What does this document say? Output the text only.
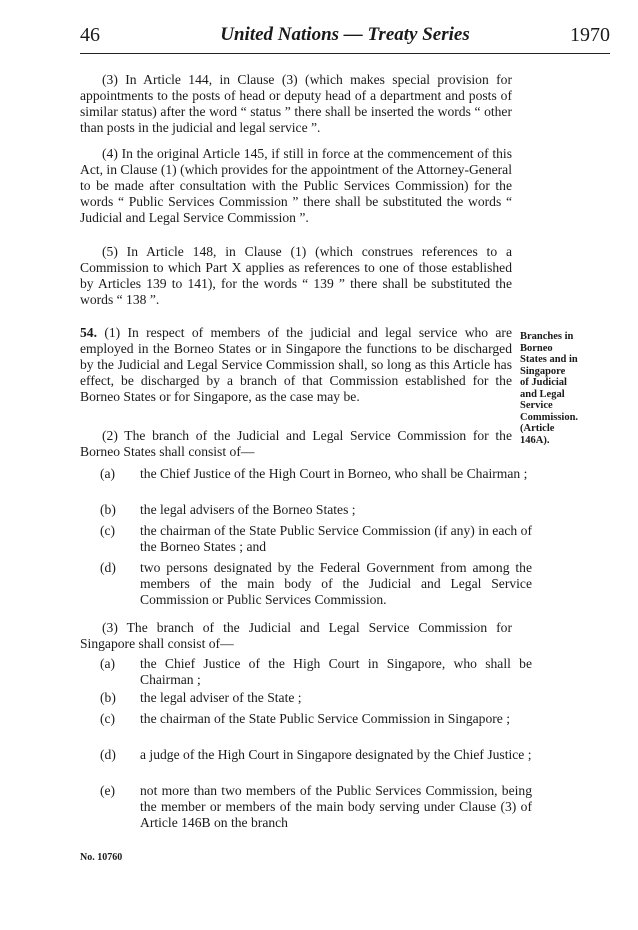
46	United Nations — Treaty Series	1970

(3) In Article 144, in Clause (3) (which makes special provision for appointments to the posts of head or deputy head of a department and posts of similar status) after the word “ status ” there shall be inserted the words “ other than posts in the judicial and legal service ”.

(4) In the original Article 145, if still in force at the commencement of this Act, in Clause (1) (which provides for the appointment of the Attorney-General to be made after consultation with the Public Services Commission) for the words “ Public Services Commission ” there shall be substituted the words “ Judicial and Legal Service Commission ”.

(5) In Article 148, in Clause (1) (which construes references to a Commission to which Part X applies as references to one of those established by Articles 139 to 141), for the words “ 139 ” there shall be substituted the words “ 138 ”.

54. (1) In respect of members of the judicial and legal service who are employed in the Borneo States or in Singapore the functions to be discharged by the Judicial and Legal Service Commission shall, so long as this Article has effect, be discharged by a branch of that Commission established for the Borneo States or for Singapore, as the case may be.

(2) The branch of the Judicial and Legal Service Commission for the Borneo States shall consist of—

(a) the Chief Justice of the High Court in Borneo, who shall be Chairman ;
(b) the legal advisers of the Borneo States ;
(c) the chairman of the State Public Service Commission (if any) in each of the Borneo States ; and
(d) two persons designated by the Federal Government from among the members of the main body of the Judicial and Legal Service Commission or Public Services Commission.

(3) The branch of the Judicial and Legal Service Commission for Singapore shall consist of—

(a) the Chief Justice of the High Court in Singapore, who shall be Chairman ;
(b) the legal adviser of the State ;
(c) the chairman of the State Public Service Commission in Singapore ;
(d) a judge of the High Court in Singapore designated by the Chief Justice ;
(e) not more than two members of the Public Services Commission, being the member or members of the main body serving under Clause (3) of Article 146B on the branch
Branches in
Borneo
States and in
Singapore
of Judicial
and Legal
Service
Commission.
(Article
146A).
No. 10760
